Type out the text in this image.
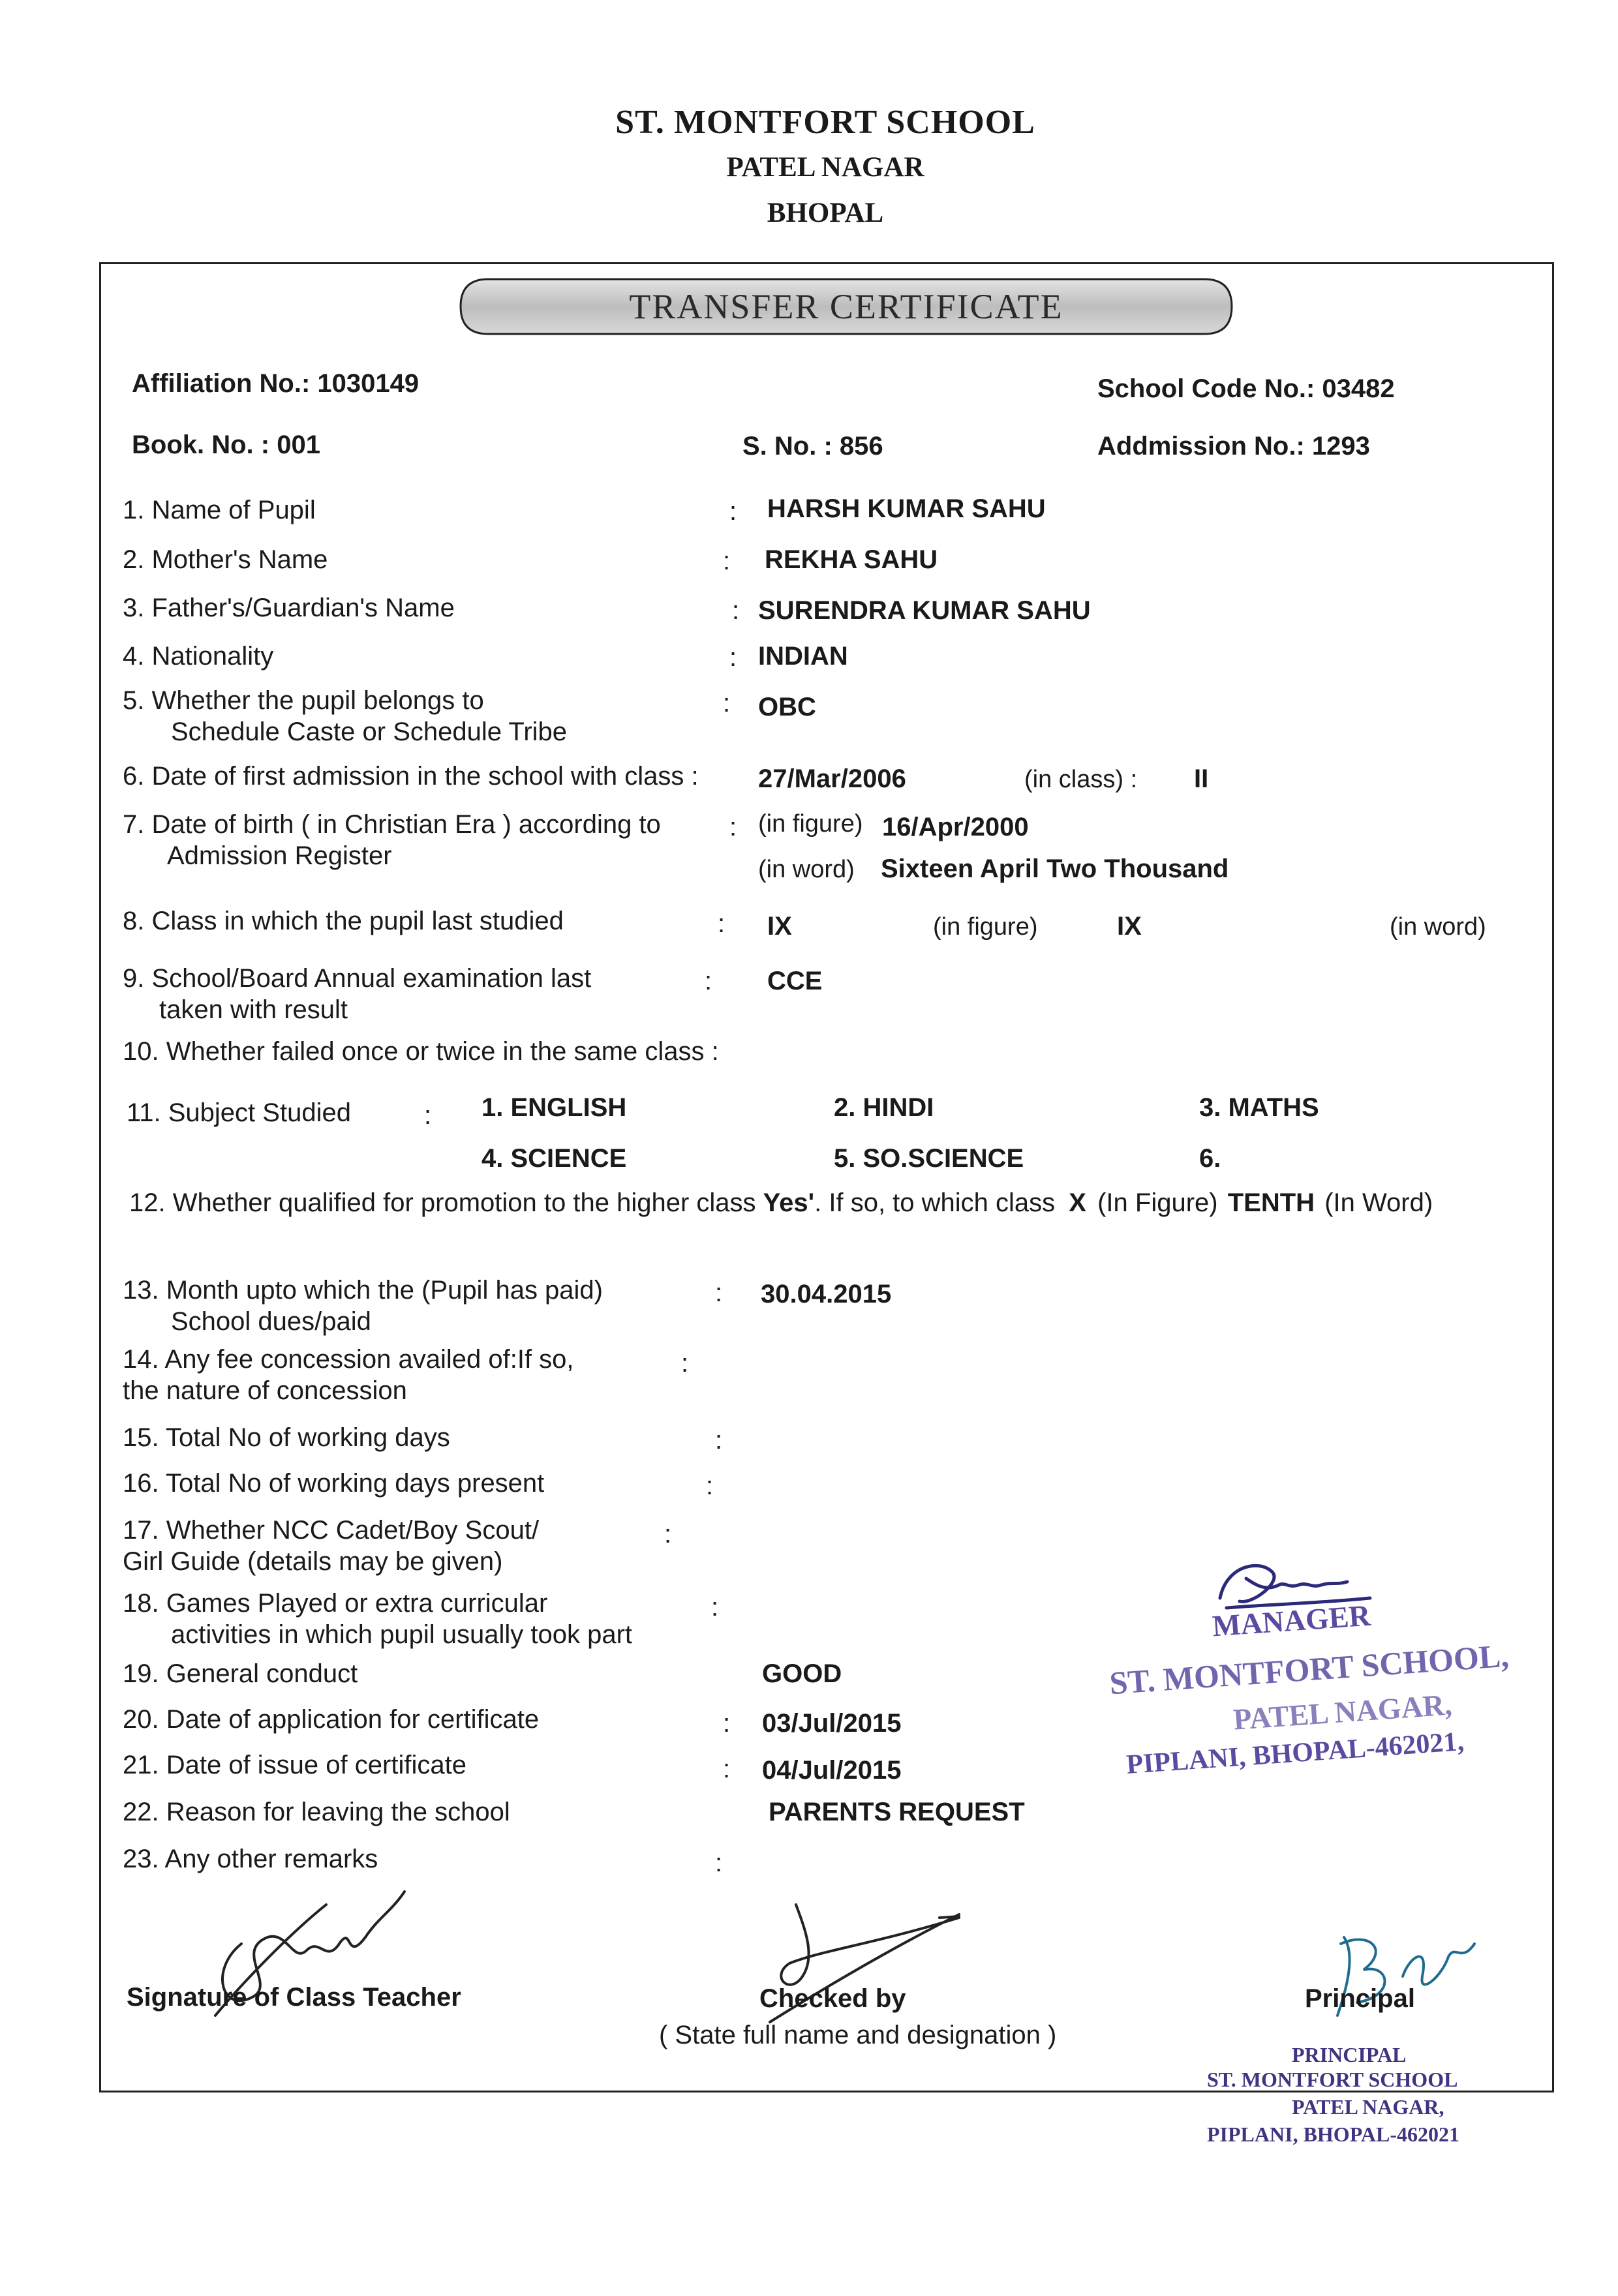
ST. MONTFORT SCHOOL
PATEL NAGAR
BHOPAL
TRANSFER CERTIFICATE
Affiliation No.: 1030149	School Code No.: 03482
Book. No. : 001	S. No. : 856	Addmission No.: 1293
1. Name of Pupil	: HARSH KUMAR SAHU
2. Mother's Name	: REKHA SAHU
3. Father's/Guardian's Name	: SURENDRA KUMAR SAHU
4. Nationality	: INDIAN
5. Whether the pupil belongs to
Schedule Caste or Schedule Tribe
: OBC
6. Date of first admission in the school with class : 27/Mar/2006	(in class) : II
7. Date of birth ( in Christian Era ) according to
Admission Register
: (in figure) 16/Apr/2000
(in word) Sixteen April Two Thousand
8. Class in which the pupil last studied	: IX	(in figure)	IX	(in word)
9. School/Board Annual examination last
taken with result
: CCE
10. Whether failed once or twice in the same class :
11. Subject Studied	: 1. ENGLISH	2. HINDI	3. MATHS
4. SCIENCE	5. SO.SCIENCE	6.
12. Whether qualified for promotion to the higher class Yes'. If so, to which class X (In Figure) TENTH (In Word)
13. Month upto which the (Pupil has paid)
School dues/paid
: 30.04.2015
14. Any fee concession availed of:If so,
the nature of concession
:
15. Total No of working days	:
16. Total No of working days present	:
17. Whether NCC Cadet/Boy Scout/
Girl Guide (details may be given)
:
18. Games Played or extra curricular
activities in which pupil usually took part
:
19. General conduct	GOOD
20. Date of application for certificate	: 03/Jul/2015
21. Date of issue of certificate	: 04/Jul/2015
22. Reason for leaving the school	PARENTS REQUEST
23. Any other remarks	:
MANAGER
ST. MONTFORT SCHOOL,
PATEL NAGAR,
PIPLANI, BHOPAL-462021,
Signature of Class Teacher	Checked by
( State full name and designation )
Principal
PRINCIPAL
ST. MONTFORT SCHOOL
PATEL NAGAR,
PIPLANI, BHOPAL-462021
